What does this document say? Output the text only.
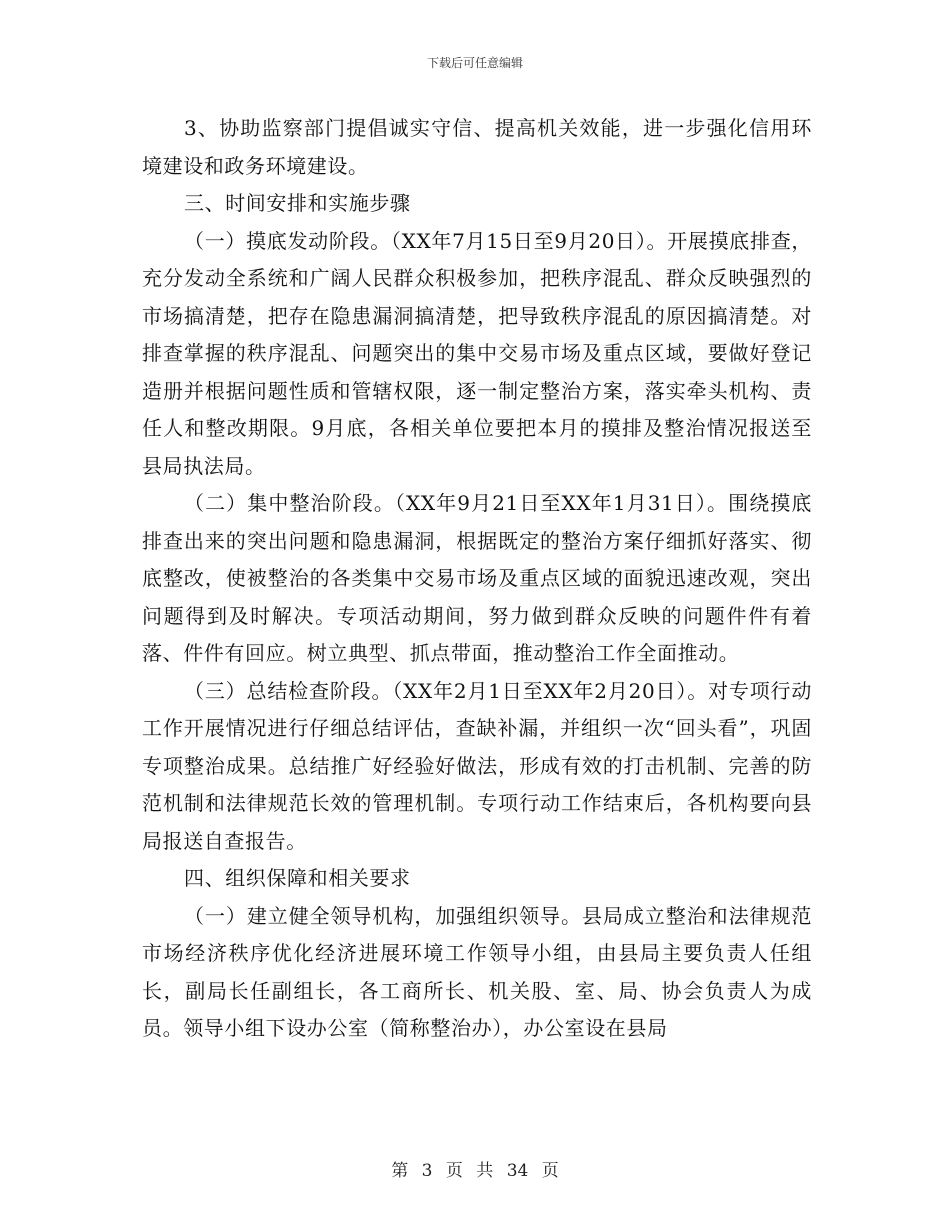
下载后可任意编辑

3、协助监察部门提倡诚实守信、提高机关效能，进一步强化信用环境建设和政务环境建设。

三、时间安排和实施步骤

（一）摸底发动阶段。（XX年7月15日至9月20日）。开展摸底排查，充分发动全系统和广阔人民群众积极参加，把秩序混乱、群众反映强烈的市场搞清楚，把存在隐患漏洞搞清楚，把导致秩序混乱的原因搞清楚。对排查掌握的秩序混乱、问题突出的集中交易市场及重点区域，要做好登记造册并根据问题性质和管辖权限，逐一制定整治方案，落实牵头机构、责任人和整改期限。9月底，各相关单位要把本月的摸排及整治情况报送至县局执法局。

（二）集中整治阶段。（XX年9月21日至XX年1月31日）。围绕摸底排查出来的突出问题和隐患漏洞，根据既定的整治方案仔细抓好落实、彻底整改，使被整治的各类集中交易市场及重点区域的面貌迅速改观，突出问题得到及时解决。专项活动期间，努力做到群众反映的问题件件有着落、件件有回应。树立典型、抓点带面，推动整治工作全面推动。

（三）总结检查阶段。（XX年2月1日至XX年2月20日）。对专项行动工作开展情况进行仔细总结评估，查缺补漏，并组织一次“回头看”，巩固专项整治成果。总结推广好经验好做法，形成有效的打击机制、完善的防范机制和法律规范长效的管理机制。专项行动工作结束后，各机构要向县局报送自查报告。

四、组织保障和相关要求

（一）建立健全领导机构，加强组织领导。县局成立整治和法律规范市场经济秩序优化经济进展环境工作领导小组，由县局主要负责人任组长，副局长任副组长，各工商所长、机关股、室、局、协会负责人为成员。领导小组下设办公室（简称整治办），办公室设在县局

第 3 页 共 34 页
